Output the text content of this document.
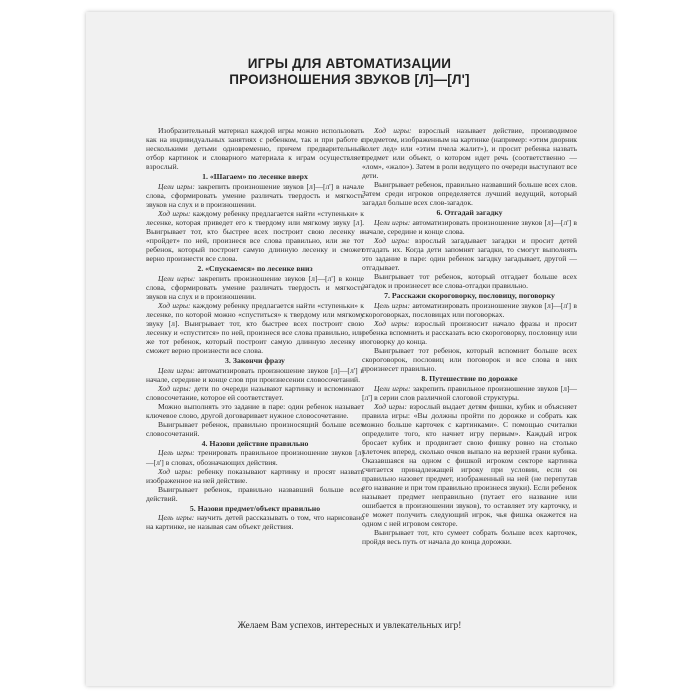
ИГРЫ ДЛЯ АВТОМАТИЗАЦИИ
ПРОИЗНОШЕНИЯ ЗВУКОВ [Л]—[Л']

Изобразительный материал каждой игры можно использовать как на индивидуальных занятиях с ребенком, так и при работе с несколькими детьми одновременно, причем предварительный отбор картинок и словарного материала к играм осуществляет взрослый.

1. «Шагаем» по лесенке вверх

Цели игры: закрепить произношение звуков [л]—[л'] в начале слова, сформировать умение различать твердость и мягкость звуков на слух и в произношении.

Ход игры: каждому ребенку предлагается найти «ступеньки» к лесенке, которая приведет его к твердому или мягкому звуку [л]. Выигрывает тот, кто быстрее всех построит свою лесенку и «пройдет» по ней, произнеся все слова правильно, или же тот ребенок, который построит самую длинную лесенку и сможет верно произнести все слова.

2. «Спускаемся» по лесенке вниз

Цели игры: закрепить произношение звуков [л]—[л'] в конце слова, сформировать умение различать твердость и мягкость звуков на слух и в произношении.

Ход игры: каждому ребенку предлагается найти «ступеньки» к лесенке, по которой можно «спуститься» к твердому или мягкому звуку [л]. Выигрывает тот, кто быстрее всех построит свою лесенку и «спустится» по ней, произнеся все слова правильно, или же тот ребенок, который построит самую длинную лесенку и сможет верно произнести все слова.

3. Закончи фразу

Цели игры: автоматизировать произношение звуков [л]—[л'] в начале, середине и конце слов при произнесении словосочетаний.

Ход игры: дети по очереди называют картинку и вспоминают словосочетание, которое ей соответствует.

Можно выполнять это задание в паре: один ребенок называет ключевое слово, другой договаривает нужное словосочетание.

Выигрывает ребенок, правильно произносящий больше всех словосочетаний.

4. Назови действие правильно

Цель игры: тренировать правильное произношение звуков [л]—[л'] в словах, обозначающих действия.

Ход игры: ребенку показывают картинку и просят назвать изображенное на ней действие.

Выигрывает ребенок, правильно назвавший больше всех действий.

5. Назови предмет/объект правильно

Цель игры: научить детей рассказывать о том, что нарисовано на картинке, не называя сам объект действия.

Ход игры: взрослый называет действие, производимое предметом, изображенным на картинке (например: «этим дворник колет лед» или «этим пчела жалит»), и просит ребенка назвать предмет или объект, о котором идет речь (соответственно — «лом», «жало»). Затем в роли ведущего по очереди выступают все дети.

Выигрывает ребенок, правильно назвавший больше всех слов. Затем среди игроков определяется лучший ведущий, который загадал больше всех слов-загадок.

6. Отгадай загадку

Цели игры: автоматизировать произношение звуков [л]—[л'] в начале, середине и конце слова.

Ход игры: взрослый загадывает загадки и просит детей отгадать их. Когда дети запомнят загадки, то смогут выполнять это задание в паре: один ребенок загадку загадывает, другой — отгадывает.

Выигрывает тот ребенок, который отгадает больше всех загадок и произнесет все слова-отгадки правильно.

7. Расскажи скороговорку, пословицу, поговорку

Цель игры: автоматизировать произношение звуков [л]—[л'] в скороговорках, пословицах или поговорках.

Ход игры: взрослый произносит начало фразы и просит ребенка вспомнить и рассказать всю скороговорку, пословицу или поговорку до конца.

Выигрывает тот ребенок, который вспомнит больше всех скороговорок, пословиц или поговорок и все слова в них произнесет правильно.

8. Путешествие по дорожке

Цели игры: закрепить правильное произношение звуков [л]—[л'] в серии слов различной слоговой структуры.

Ход игры: взрослый выдает детям фишки, кубик и объясняет правила игры: «Вы должны пройти по дорожке и собрать как можно больше карточек с картинками». С помощью считалки определите того, кто начнет игру первым». Каждый игрок бросает кубик и продвигает свою фишку ровно на столько клеточек вперед, сколько очков выпало на верхней грани кубика. Оказавшаяся на одном с фишкой игроком секторе картинка считается принадлежащей игроку при условии, если он правильно назовет предмет, изображенный на ней (не перепутав его название и при том правильно произнеся звуки). Если ребенок называет предмет неправильно (путает его название или ошибается в произношении звуков), то оставляет эту карточку, и се может получить следующий игрок, чья фишка окажется на одном с ней игровом секторе.

Выигрывает тот, кто сумеет собрать больше всех карточек, пройдя весь путь от начала до конца дорожки.

Желаем Вам успехов, интересных и увлекательных игр!
